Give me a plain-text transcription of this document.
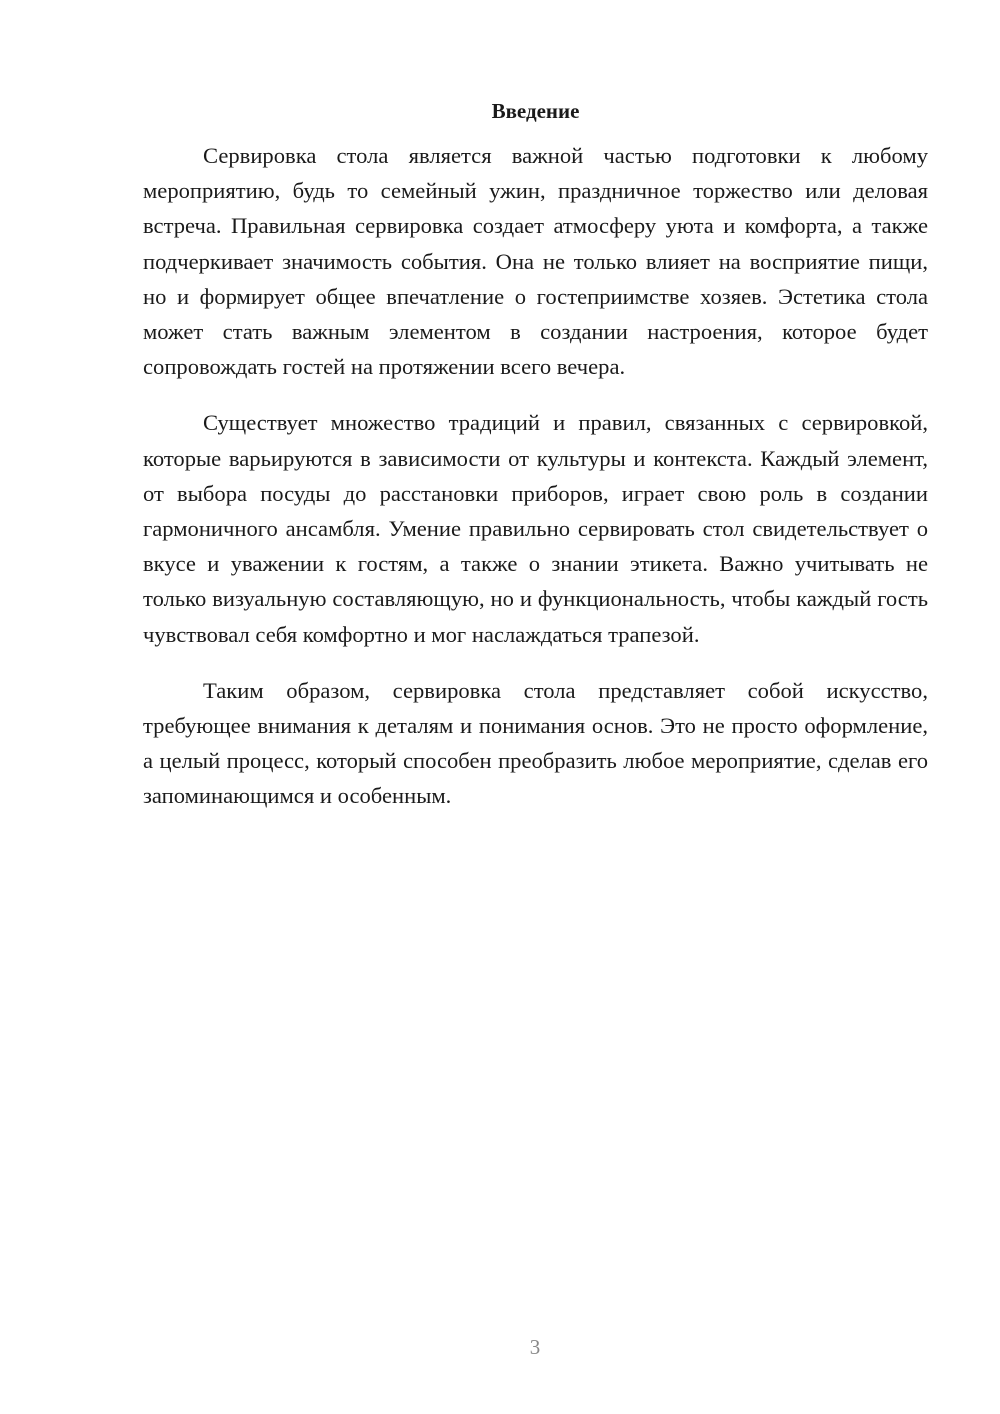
Введение

Сервировка стола является важной частью подготовки к любому мероприятию, будь то семейный ужин, праздничное торжество или деловая встреча. Правильная сервировка создает атмосферу уюта и комфорта, а также подчеркивает значимость события. Она не только влияет на восприятие пищи, но и формирует общее впечатление о гостеприимстве хозяев. Эстетика стола может стать важным элементом в создании настроения, которое будет сопровождать гостей на протяжении всего вечера.

Существует множество традиций и правил, связанных с сервировкой, которые варьируются в зависимости от культуры и контекста. Каждый элемент, от выбора посуды до расстановки приборов, играет свою роль в создании гармоничного ансамбля. Умение правильно сервировать стол свидетельствует о вкусе и уважении к гостям, а также о знании этикета. Важно учитывать не только визуальную составляющую, но и функциональность, чтобы каждый гость чувствовал себя комфортно и мог наслаждаться трапезой.

Таким образом, сервировка стола представляет собой искусство, требующее внимания к деталям и понимания основ. Это не просто оформление, а целый процесс, который способен преобразить любое мероприятие, сделав его запоминающимся и особенным.

3
